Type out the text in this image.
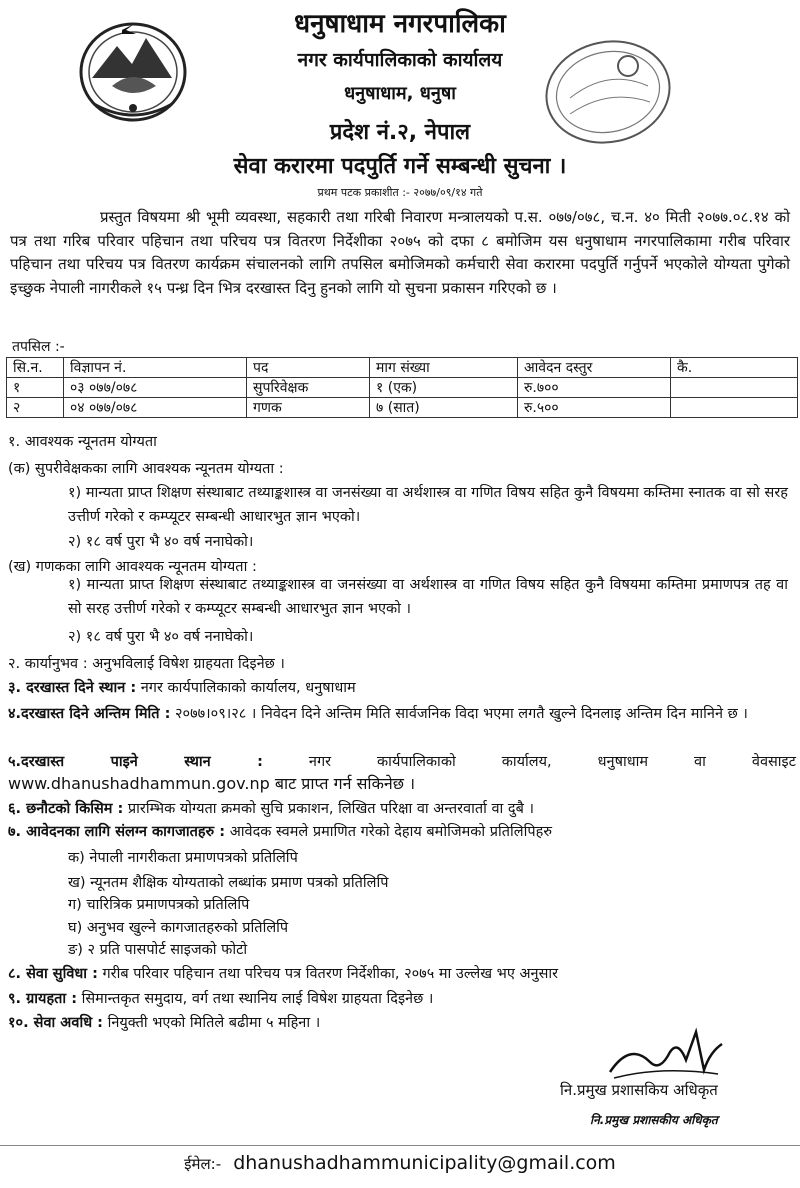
धनुषाधाम नगरपालिका
नगर कार्यपालिकाको कार्यालय
धनुषाधाम, धनुषा
प्रदेश नं.२, नेपाल
सेवा करारमा पदपुर्ति गर्ने सम्बन्धी सुचना ।
प्रथम पटक प्रकाशीत :- २०७७/०९/१४ गते
प्रस्तुत विषयमा श्री भूमी व्यवस्था, सहकारी तथा गरिबी निवारण मन्त्रालयको प.स. ०७७/०७८, च.न. ४० मिती २०७७.०८.१४ को पत्र तथा गरिब परिवार पहिचान तथा परिचय पत्र वितरण निर्देशीका २०७५ को दफा ८ बमोजिम यस धनुषाधाम नगरपालिकामा गरीब परिवार पहिचान तथा परिचय पत्र वितरण कार्यक्रम संचालनको लागि तपसिल बमोजिमको कर्मचारी सेवा करारमा पदपुर्ति गर्नुपर्ने भएकोले योग्यता पुगेको इच्छुक नेपाली नागरीकले १५ पन्ध्र दिन भित्र दरखास्त दिनु हुनको लागि यो सुचना प्रकासन गरिएको छ ।
तपसिल :-
सि.न.	विज्ञापन नं.	पद	माग संख्या	आवेदन दस्तुर	कै.
१	०३ ०७७/०७८	सुपरिवेक्षक	१ (एक)	रु.७००	
२	०४ ०७७/०७८	गणक	७ (सात)	रु.५००	
१. आवश्यक न्यूनतम योग्यता
(क) सुपरीवेक्षकका लागि आवश्यक न्यूनतम योग्यता :
१) मान्यता प्राप्त शिक्षण संस्थाबाट तथ्याङ्कशास्त्र वा जनसंख्या वा अर्थशास्त्र वा गणित विषय सहित कुनै विषयमा कम्तिमा स्नातक वा सो सरह उत्तीर्ण गरेको र कम्प्यूटर सम्बन्धी आधारभुत ज्ञान भएको।
२) १८ वर्ष पुरा भै ४० वर्ष ननाघेको।
(ख) गणकका लागि आवश्यक न्यूनतम योग्यता :
१) मान्यता प्राप्त शिक्षण संस्थाबाट तथ्याङ्कशास्त्र वा जनसंख्या वा अर्थशास्त्र वा गणित विषय सहित कुनै विषयमा कम्तिमा प्रमाणपत्र तह वा सो सरह उत्तीर्ण गरेको र कम्प्यूटर सम्बन्धी आधारभुत ज्ञान भएको ।
२) १८ वर्ष पुरा भै ४० वर्ष ननाघेको।
२. कार्यानुभव : अनुभविलाई विषेश ग्राहयता दिइनेछ ।
३. दरखास्त दिने स्थान : नगर कार्यपालिकाको कार्यालय, धनुषाधाम
४.दरखास्त दिने अन्तिम मिति : २०७७।०९।२८ । निवेदन दिने अन्तिम मिति सार्वजनिक विदा भएमा लगतै खुल्ने दिनलाइ अन्तिम दिन मानिने छ ।
५.दरखास्त पाइने स्थान :	नगर कार्यपालिकाको कार्यालय, धनुषाधाम वा वेवसाइट
www.dhanushadhammun.gov.np बाट प्राप्त गर्न सकिनेछ ।
६. छनौटको किसिम : प्रारम्भिक योग्यता क्रमको सुचि प्रकाशन, लिखित परिक्षा वा अन्तरवार्ता वा दुबै ।
७. आवेदनका लागि संलग्न कागजातहरु : आवेदक स्वमले प्रमाणित गरेको देहाय बमोजिमको प्रतिलिपिहरु
क) नेपाली नागरीकता प्रमाणपत्रको प्रतिलिपि
ख) न्यूनतम शैक्षिक योग्यताको लब्धांक प्रमाण पत्रको प्रतिलिपि
ग) चारित्रिक प्रमाणपत्रको प्रतिलिपि
घ) अनुभव खुल्ने कागजातहरुको प्रतिलिपि
ङ) २ प्रति पासपोर्ट साइजको फोटो
८. सेवा सुविधा : गरीब परिवार पहिचान तथा परिचय पत्र वितरण निर्देशीका, २०७५ मा उल्लेख भए अनुसार
९. ग्रायहता : सिमान्तकृत समुदाय, वर्ग तथा स्थानिय लाई विषेश ग्राहयता दिइनेछ ।
१०. सेवा अवधि : नियुक्ती भएको मितिले बढीमा ५ महिना ।
नि.प्रमुख प्रशासकिय अधिकृत
नि.प्रमुख प्रशासकीय अधिकृत
ईमेल:- dhanushadhammunicipality@gmail.com
